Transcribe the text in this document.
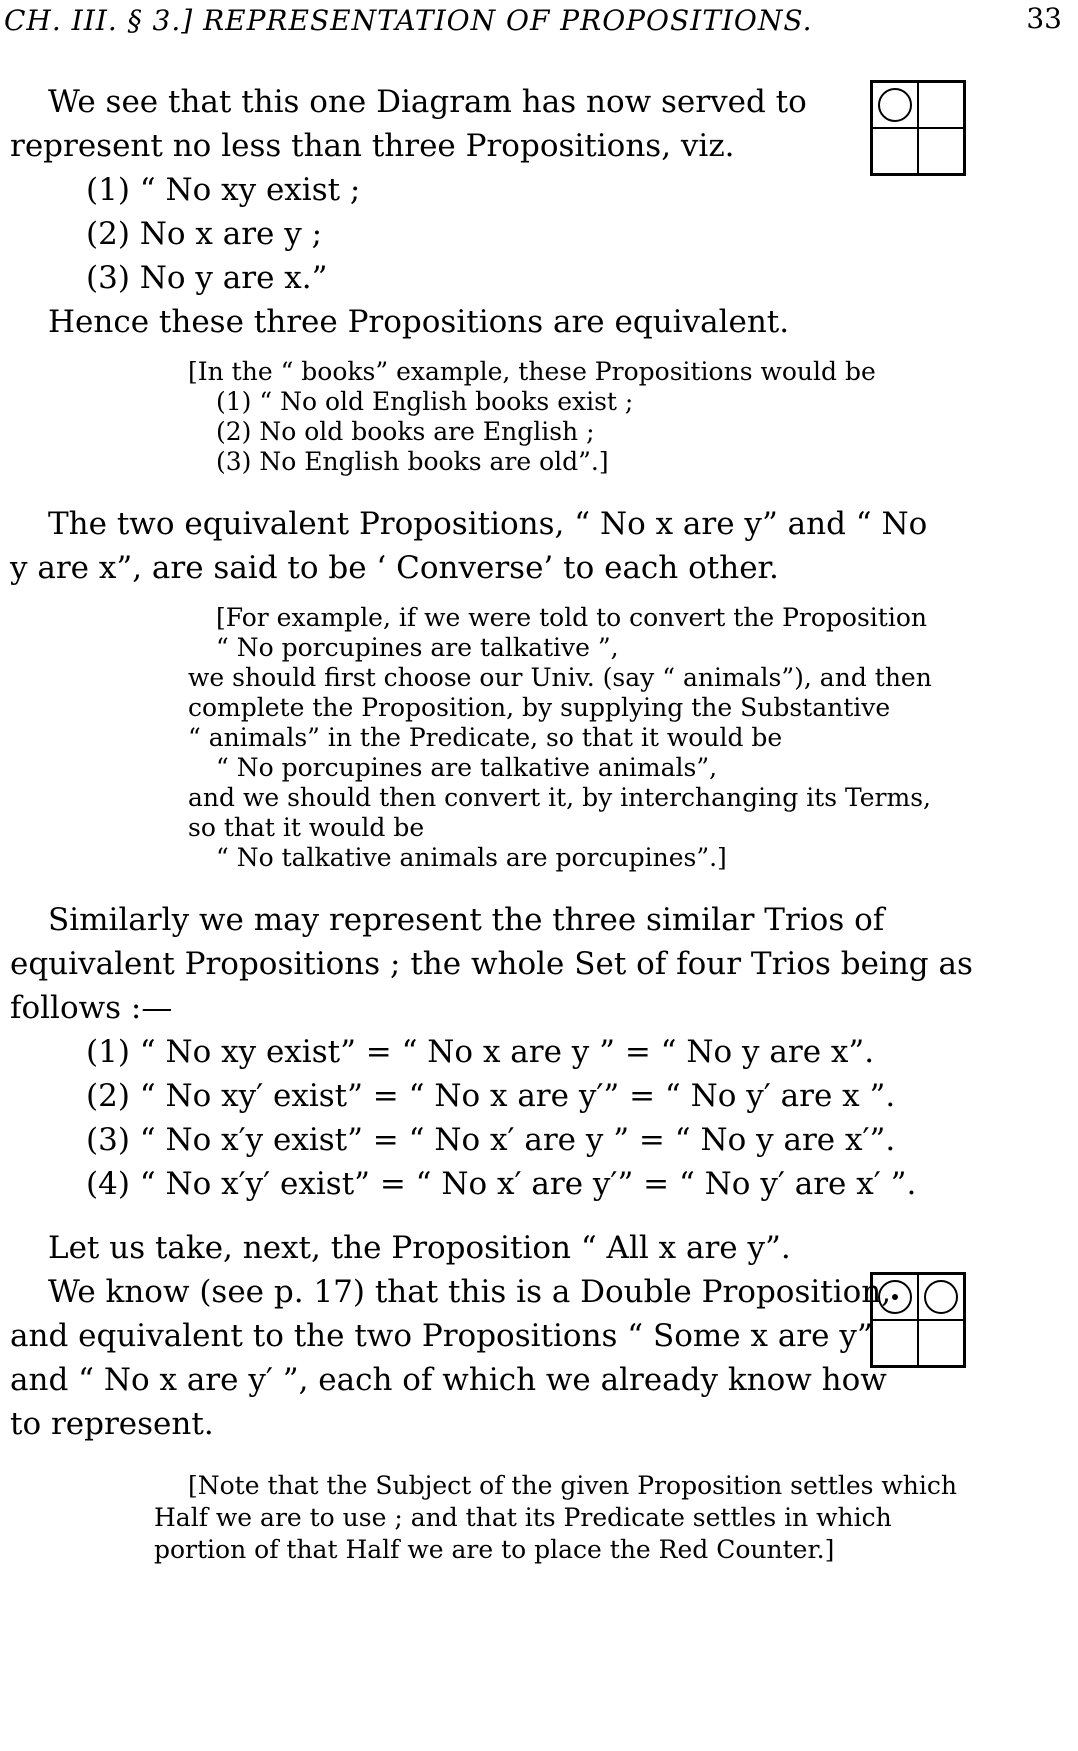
CH. III. § 3.] REPRESENTATION OF PROPOSITIONS.	33
We see that this one Diagram has now served to
represent no less than three Propositions, viz.
(1) “ No xy exist ;
(2) No x are y ;
(3) No y are x.”
Hence these three Propositions are equivalent.
[In the “ books” example, these Propositions would be
(1) “ No old English books exist ;
(2) No old books are English ;
(3) No English books are old”.]
The two equivalent Propositions, “ No x are y” and “ No
y are x”, are said to be ‘ Converse’ to each other.
[For example, if we were told to convert the Proposition
“ No porcupines are talkative ”,
we should first choose our Univ. (say “ animals”), and then
complete the Proposition, by supplying the Substantive
“ animals” in the Predicate, so that it would be
“ No porcupines are talkative animals”,
and we should then convert it, by interchanging its Terms,
so that it would be
“ No talkative animals are porcupines”.]
Similarly we may represent the three similar Trios of
equivalent Propositions ; the whole Set of four Trios being as
follows :—
(1) “ No xy exist” = “ No x are y ” = “ No y are x”.
(2) “ No xy′ exist” = “ No x are y′” = “ No y′ are x ”.
(3) “ No x′y exist” = “ No x′ are y ” = “ No y are x′”.
(4) “ No x′y′ exist” = “ No x′ are y′” = “ No y′ are x′ ”.
Let us take, next, the Proposition “ All x are y”.
We know (see p. 17) that this is a Double Proposition,
and equivalent to the two Propositions “ Some x are y”
and “ No x are y′ ”, each of which we already know how
to represent.
[Note that the Subject of the given Proposition settles which
Half we are to use ; and that its Predicate settles in which
portion of that Half we are to place the Red Counter.]
